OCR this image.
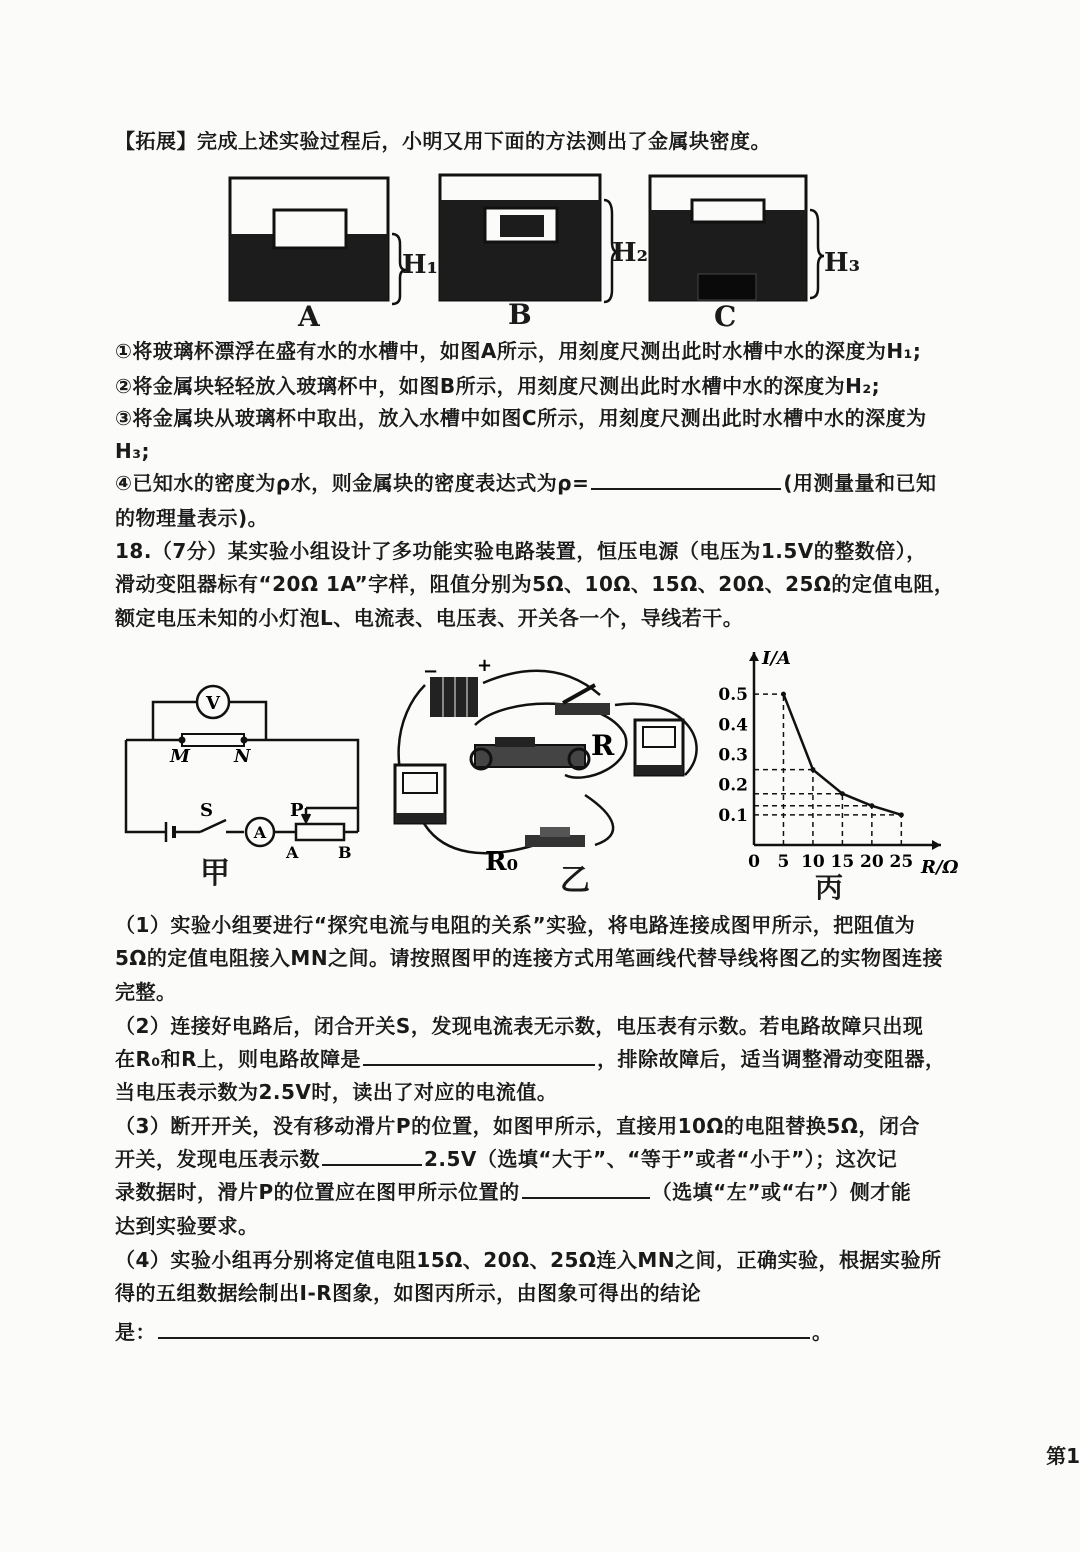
【拓展】完成上述实验过程后，小明又用下面的方法测出了金属块密度。
H₁	H₂	H₃
A	B	C
①将玻璃杯漂浮在盛有水的水槽中，如图A所示，用刻度尺测出此时水槽中水的深度为H₁;
②将金属块轻轻放入玻璃杯中，如图B所示，用刻度尺测出此时水槽中水的深度为H₂;
③将金属块从玻璃杯中取出，放入水槽中如图C所示，用刻度尺测出此时水槽中水的深度为
H₃;
④已知水的密度为ρ水，则金属块的密度表达式为ρ=	(用测量量和已知
的物理量表示)。
18.（7分）某实验小组设计了多功能实验电路装置，恒压电源（电压为1.5V的整数倍），
滑动变阻器标有“20Ω 1A”字样，阻值分别为5Ω、10Ω、15Ω、20Ω、25Ω的定值电阻，
额定电压未知的小灯泡L、电流表、电压表、开关各一个，导线若干。
V
A
M N
S	P
A B
甲
− +
R
R₀
乙
0.1
0.2
0.3
0.4
0.5
0 5 10 15 20 25
I/A
R/Ω
丙
（1）实验小组要进行“探究电流与电阻的关系”实验，将电路连接成图甲所示，把阻值为
5Ω的定值电阻接入MN之间。请按照图甲的连接方式用笔画线代替导线将图乙的实物图连接
完整。
（2）连接好电路后，闭合开关S，发现电流表无示数，电压表有示数。若电路故障只出现
在R₀和R上，则电路故障是	，排除故障后，适当调整滑动变阻器，
当电压表示数为2.5V时，读出了对应的电流值。
（3）断开开关，没有移动滑片P的位置，如图甲所示，直接用10Ω的电阻替换5Ω，闭合
开关，发现电压表示数	2.5V（选填“大于”、“等于”或者“小于”）；这次记
录数据时，滑片P的位置应在图甲所示位置的	（选填“左”或“右”）侧才能
达到实验要求。
（4）实验小组再分别将定值电阻15Ω、20Ω、25Ω连入MN之间，正确实验，根据实验所
得的五组数据绘制出I-R图象，如图丙所示，由图象可得出的结论
是：	。
第1
